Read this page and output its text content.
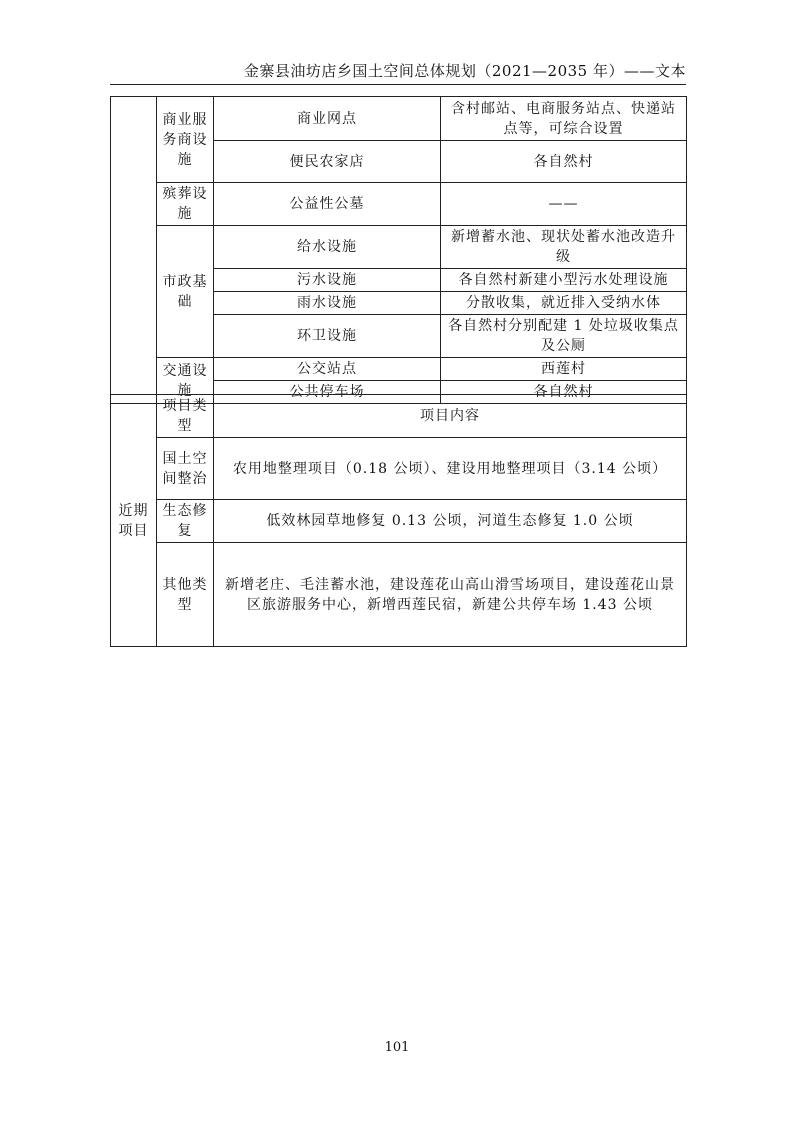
金寨县油坊店乡国土空间总体规划（2021—2035 年）——文本
	商业服务商设施	商业网点	含村邮站、电商服务站点、快递站点等，可综合设置
		便民农家店	各自然村
	殡葬设施	公益性公墓	——
	市政基础	给水设施	新增蓄水池、现状处蓄水池改造升级
		污水设施	各自然村新建小型污水处理设施
		雨水设施	分散收集，就近排入受纳水体
		环卫设施	各自然村分别配建 1 处垃圾收集点及公厕
	交通设施	公交站点	西莲村
		公共停车场	各自然村
近期项目	项目类型	项目内容
	国土空间整治	农用地整理项目（0.18 公顷）、建设用地整理项目（3.14 公顷）
	生态修复	低效林园草地修复 0.13 公顷，河道生态修复 1.0 公顷
	其他类型	新增老庄、毛洼蓄水池，建设莲花山高山滑雪场项目，建设莲花山景区旅游服务中心，新增西莲民宿，新建公共停车场 1.43 公顷
101
